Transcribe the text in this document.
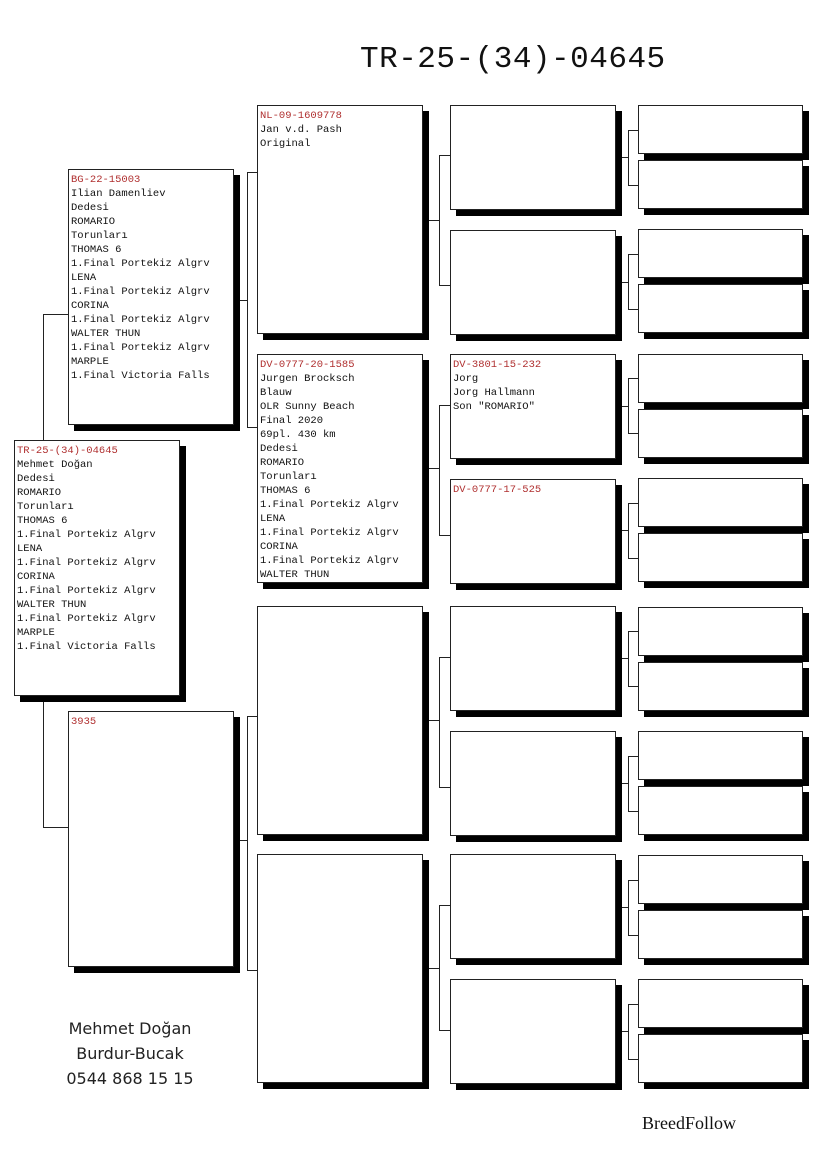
TR-25-(34)-04645
TR-25-(34)-04645
Mehmet Doğan
Dedesi
ROMARIO
Torunları
THOMAS 6
1.Final Portekiz Algrv
LENA
1.Final Portekiz Algrv
CORINA
1.Final Portekiz Algrv
WALTER THUN
1.Final Portekiz Algrv
MARPLE
1.Final Victoria Falls
BG-22-15003
Ilian Damenliev
Dedesi
ROMARIO
Torunları
THOMAS 6
1.Final Portekiz Algrv
LENA
1.Final Portekiz Algrv
CORINA
1.Final Portekiz Algrv
WALTER THUN
1.Final Portekiz Algrv
MARPLE
1.Final Victoria Falls
3935
NL-09-1609778
Jan v.d. Pash
Original
DV-0777-20-1585
Jurgen Brocksch
Blauw
OLR Sunny Beach
Final 2020
69pl. 430 km
Dedesi
ROMARIO
Torunları
THOMAS 6
1.Final Portekiz Algrv
LENA
1.Final Portekiz Algrv
CORINA
1.Final Portekiz Algrv
WALTER THUN
DV-3801-15-232
Jorg
Jorg Hallmann
Son "ROMARIO"
DV-0777-17-525
Mehmet Doğan
Burdur-Bucak
0544 868 15 15
BreedFollow
